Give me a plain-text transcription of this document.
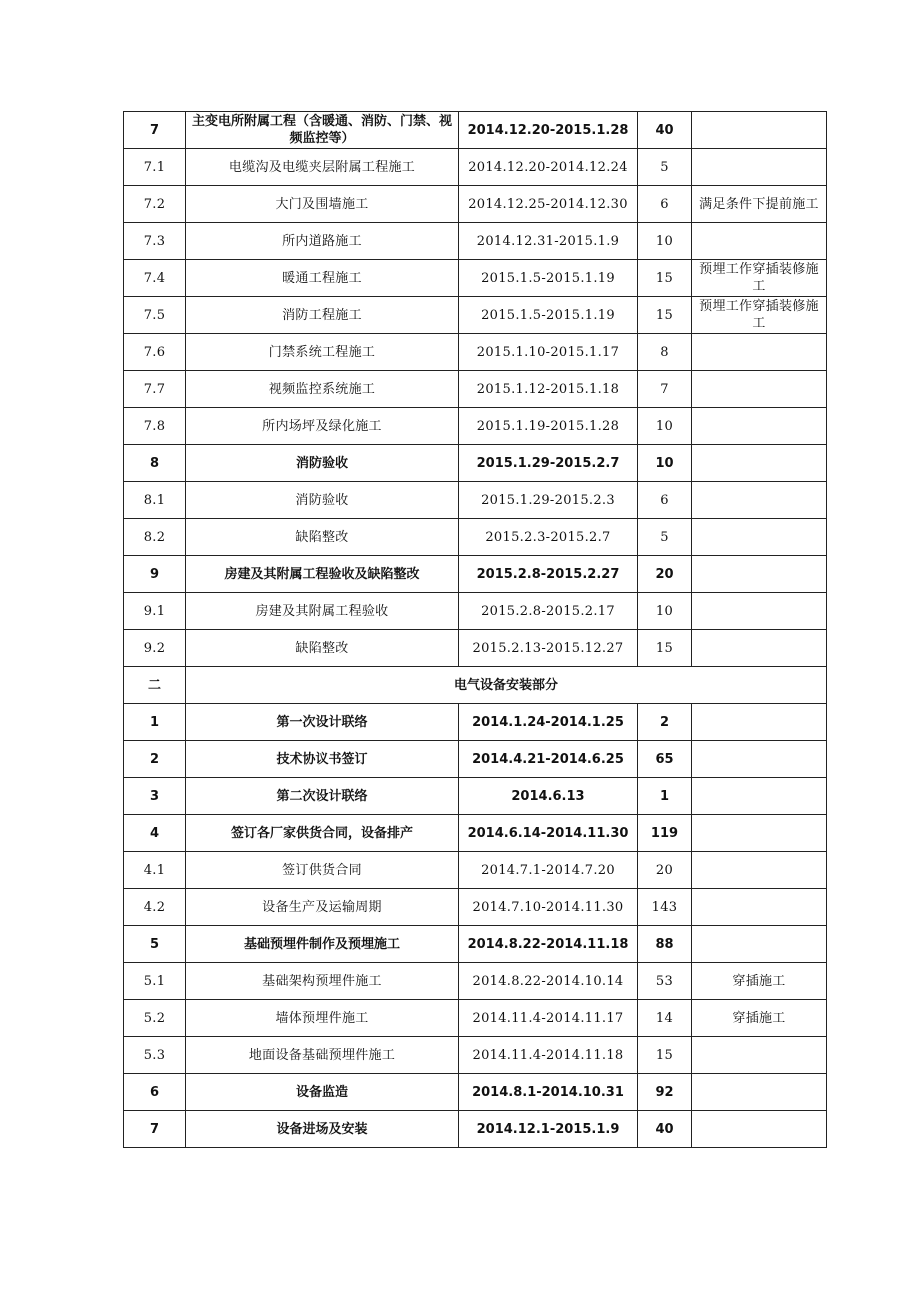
7	主变电所附属工程（含暖通、消防、门禁、视频监控等）	2014.12.20-2015.1.28	40	
7.1	电缆沟及电缆夹层附属工程施工	2014.12.20-2014.12.24	5	
7.2	大门及围墙施工	2014.12.25-2014.12.30	6	满足条件下提前施工
7.3	所内道路施工	2014.12.31-2015.1.9	10	
7.4	暖通工程施工	2015.1.5-2015.1.19	15	预埋工作穿插装修施工
7.5	消防工程施工	2015.1.5-2015.1.19	15	预埋工作穿插装修施工
7.6	门禁系统工程施工	2015.1.10-2015.1.17	8	
7.7	视频监控系统施工	2015.1.12-2015.1.18	7	
7.8	所内场坪及绿化施工	2015.1.19-2015.1.28	10	
8	消防验收	2015.1.29-2015.2.7	10	
8.1	消防验收	2015.1.29-2015.2.3	6	
8.2	缺陷整改	2015.2.3-2015.2.7	5	
9	房建及其附属工程验收及缺陷整改	2015.2.8-2015.2.27	20	
9.1	房建及其附属工程验收	2015.2.8-2015.2.17	10	
9.2	缺陷整改	2015.2.13-2015.12.27	15	
二	电气设备安装部分			
1	第一次设计联络	2014.1.24-2014.1.25	2	
2	技术协议书签订	2014.4.21-2014.6.25	65	
3	第二次设计联络	2014.6.13	1	
4	签订各厂家供货合同，设备排产	2014.6.14-2014.11.30	119	
4.1	签订供货合同	2014.7.1-2014.7.20	20	
4.2	设备生产及运输周期	2014.7.10-2014.11.30	143	
5	基础预埋件制作及预埋施工	2014.8.22-2014.11.18	88	
5.1	基础架构预埋件施工	2014.8.22-2014.10.14	53	穿插施工
5.2	墙体预埋件施工	2014.11.4-2014.11.17	14	穿插施工
5.3	地面设备基础预埋件施工	2014.11.4-2014.11.18	15	
6	设备监造	2014.8.1-2014.10.31	92	
7	设备进场及安装	2014.12.1-2015.1.9	40	
